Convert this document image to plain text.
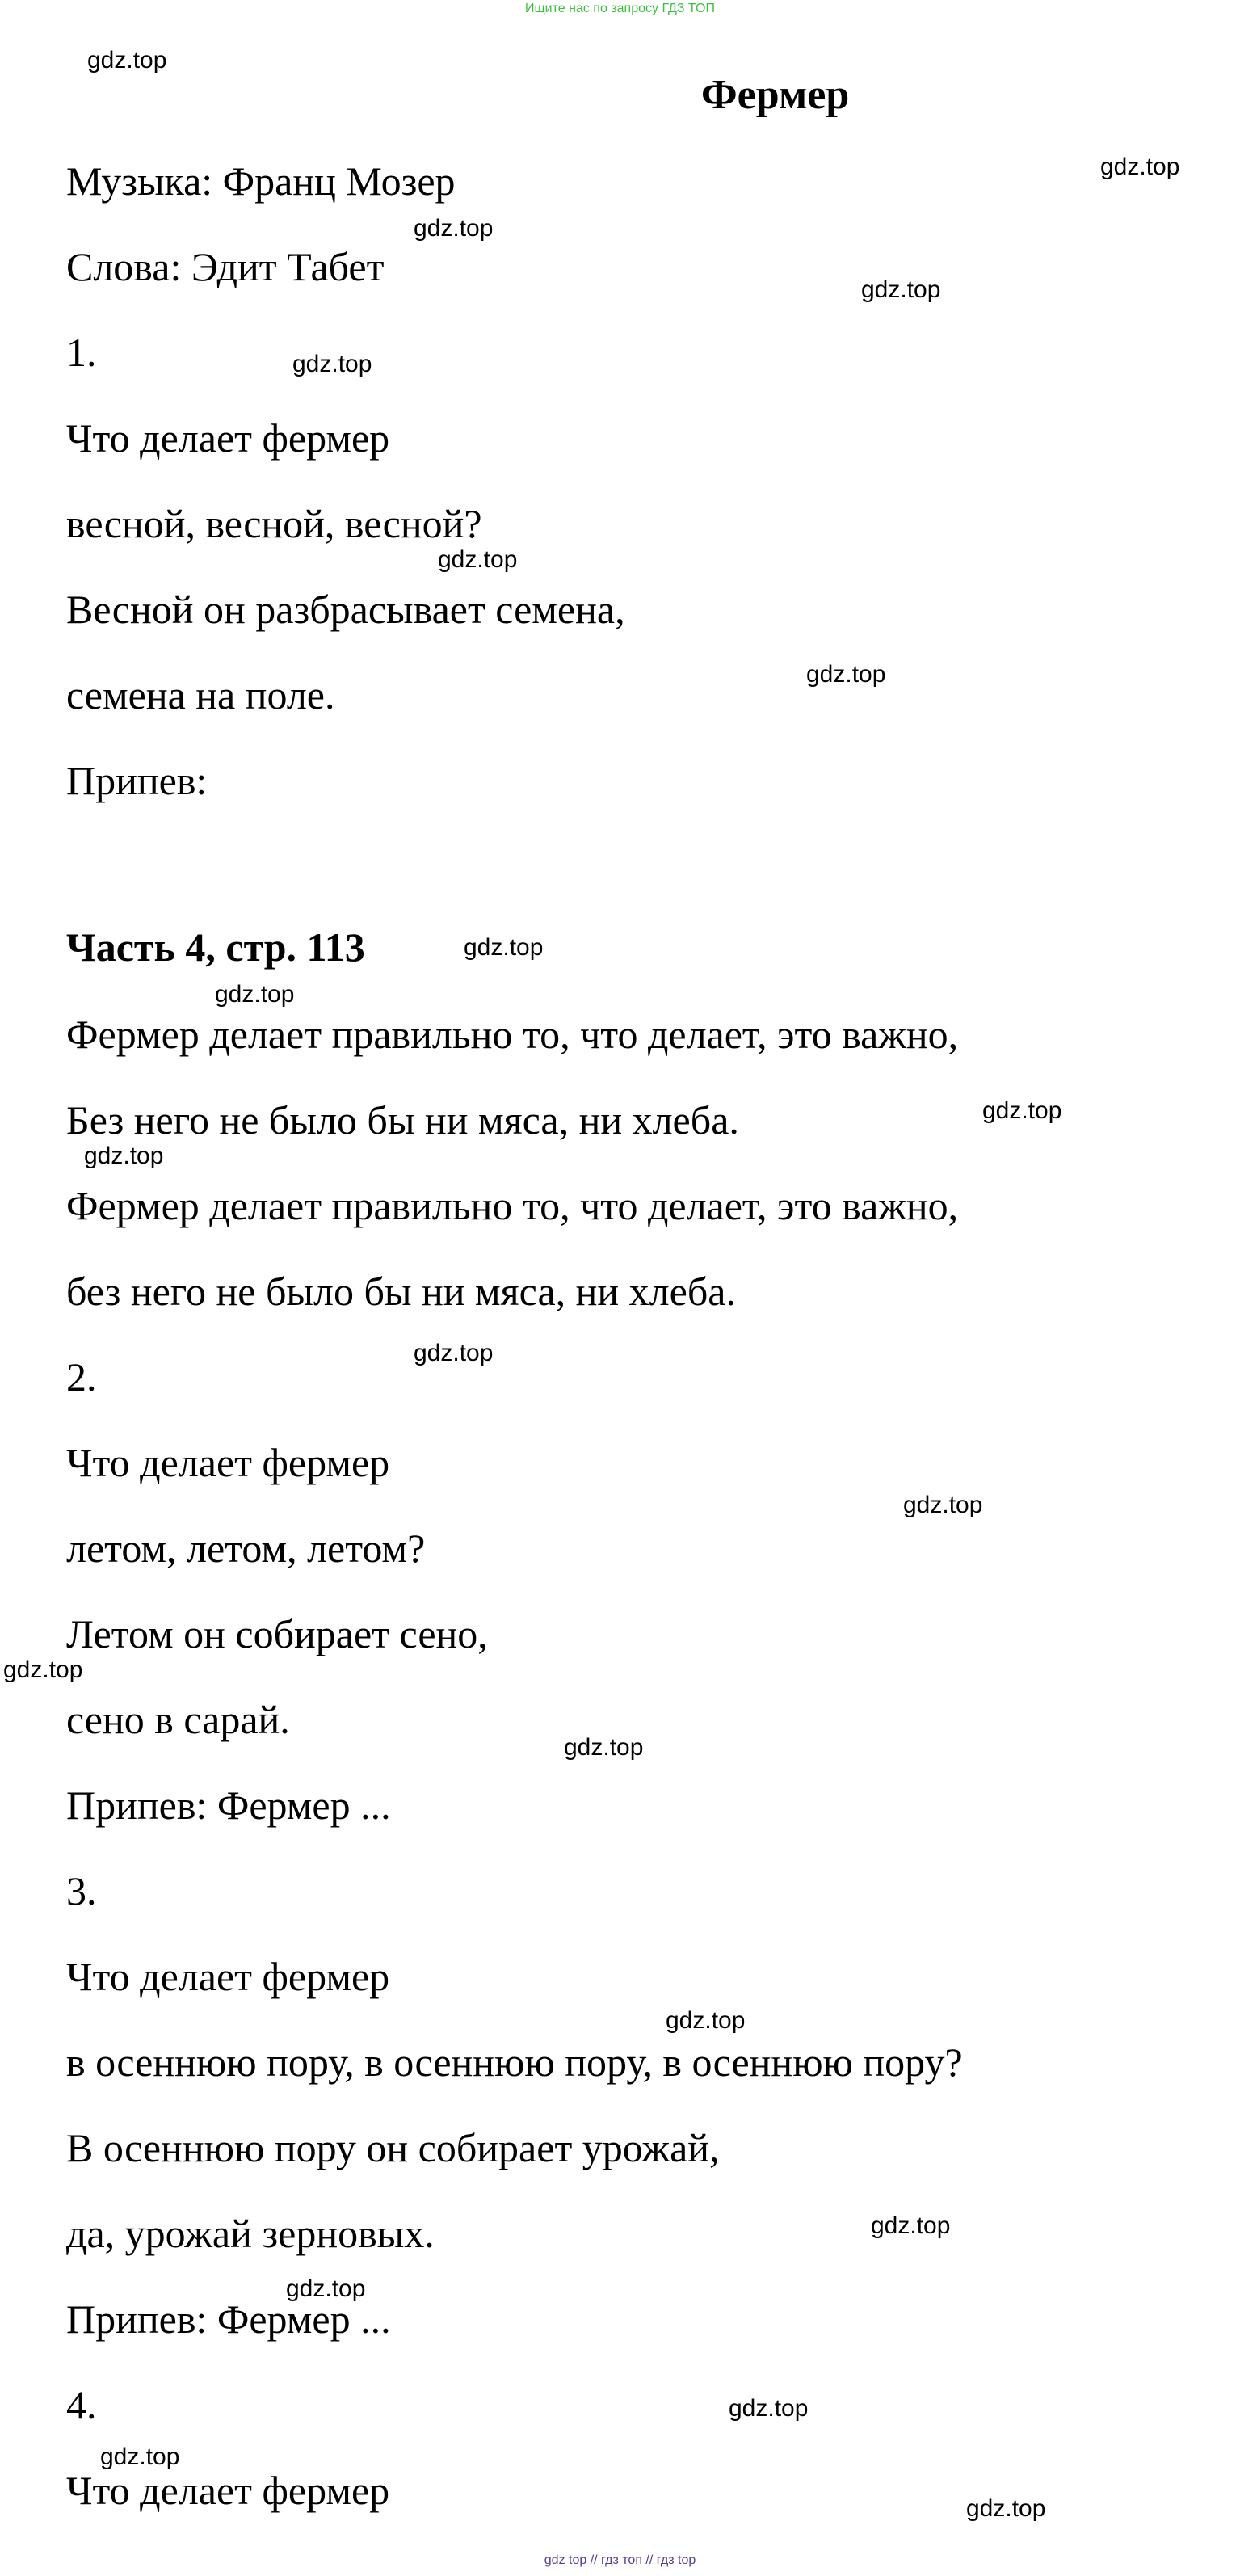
Ищите нас по запросу ГДЗ ТОП
Фермер
Музыка: Франц Мозер
Слова: Эдит Табет
1.
Что делает фермер
весной, весной, весной?
Весной он разбрасывает семена,
семена на поле.
Припев:
Часть 4, стр. 113
Фермер делает правильно то, что делает, это важно,
Без него не было бы ни мяса, ни хлеба.
Фермер делает правильно то, что делает, это важно,
без него не было бы ни мяса, ни хлеба.
2.
Что делает фермер
летом, летом, летом?
Летом он собирает сено,
сено в сарай.
Припев: Фермер ...
3.
Что делает фермер
в осеннюю пору, в осеннюю пору, в осеннюю пору?
В осеннюю пору он собирает урожай,
да, урожай зерновых.
Припев: Фермер ...
4.
Что делает фермер
gdz.top
gdz.top
gdz.top
gdz.top
gdz.top
gdz.top
gdz.top
gdz.top
gdz.top
gdz.top
gdz.top
gdz.top
gdz.top
gdz.top
gdz.top
gdz.top
gdz.top
gdz.top
gdz.top
gdz.top
gdz.top
gdz top // гдз топ // гдз top
